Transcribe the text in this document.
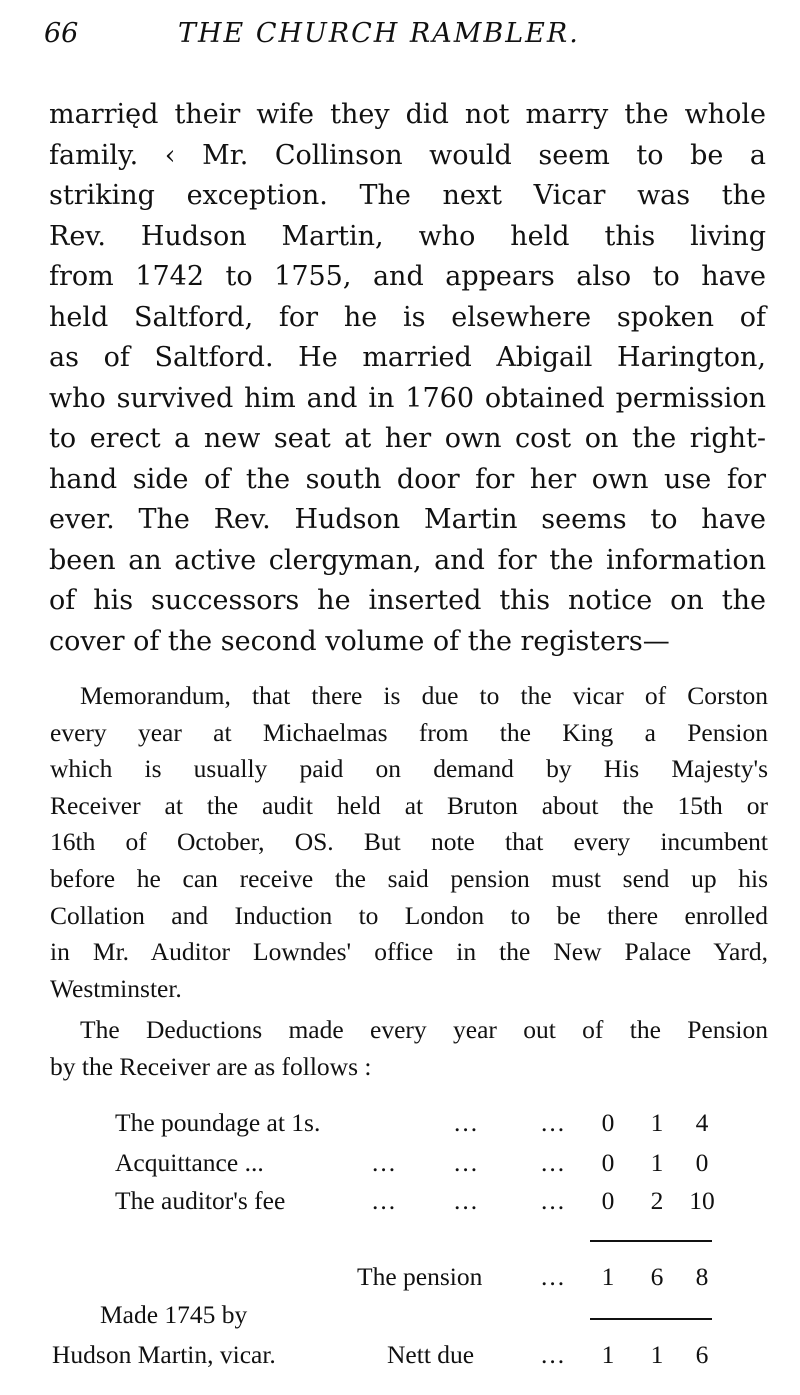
66	THE CHURCH RAMBLER.
marrięd their wife they did not marry the whole
family. ‹ Mr. Collinson would seem to be a
striking exception. The next Vicar was the
Rev. Hudson Martin, who held this living
from 1742 to 1755, and appears also to have
held Saltford, for he is elsewhere spoken of
as of Saltford. He married Abigail Harington,
who survived him and in 1760 obtained permission
to erect a new seat at her own cost on the right-
hand side of the south door for her own use for
ever. The Rev. Hudson Martin seems to have
been an active clergyman, and for the information
of his successors he inserted this notice on the
cover of the second volume of the registers—
Memorandum, that there is due to the vicar of Corston
every year at Michaelmas from the King a Pension
which is usually paid on demand by His Majesty's
Receiver at the audit held at Bruton about the 15th or
16th of October, OS. But note that every incumbent
before he can receive the said pension must send up his
Collation and Induction to London to be there enrolled
in Mr. Auditor Lowndes' office in the New Palace Yard,
Westminster.
The Deductions made every year out of the Pension
by the Receiver are as follows :
The poundage at 1s.	... ...	0	1	4
Acquittance ...	... ... ...	0	1	0
The auditor's fee	... ... ...	0	2	10
The pension ...	1	6	8
Made 1745 by
Hudson Martin, vicar.	Nett due	...	1	1	6
